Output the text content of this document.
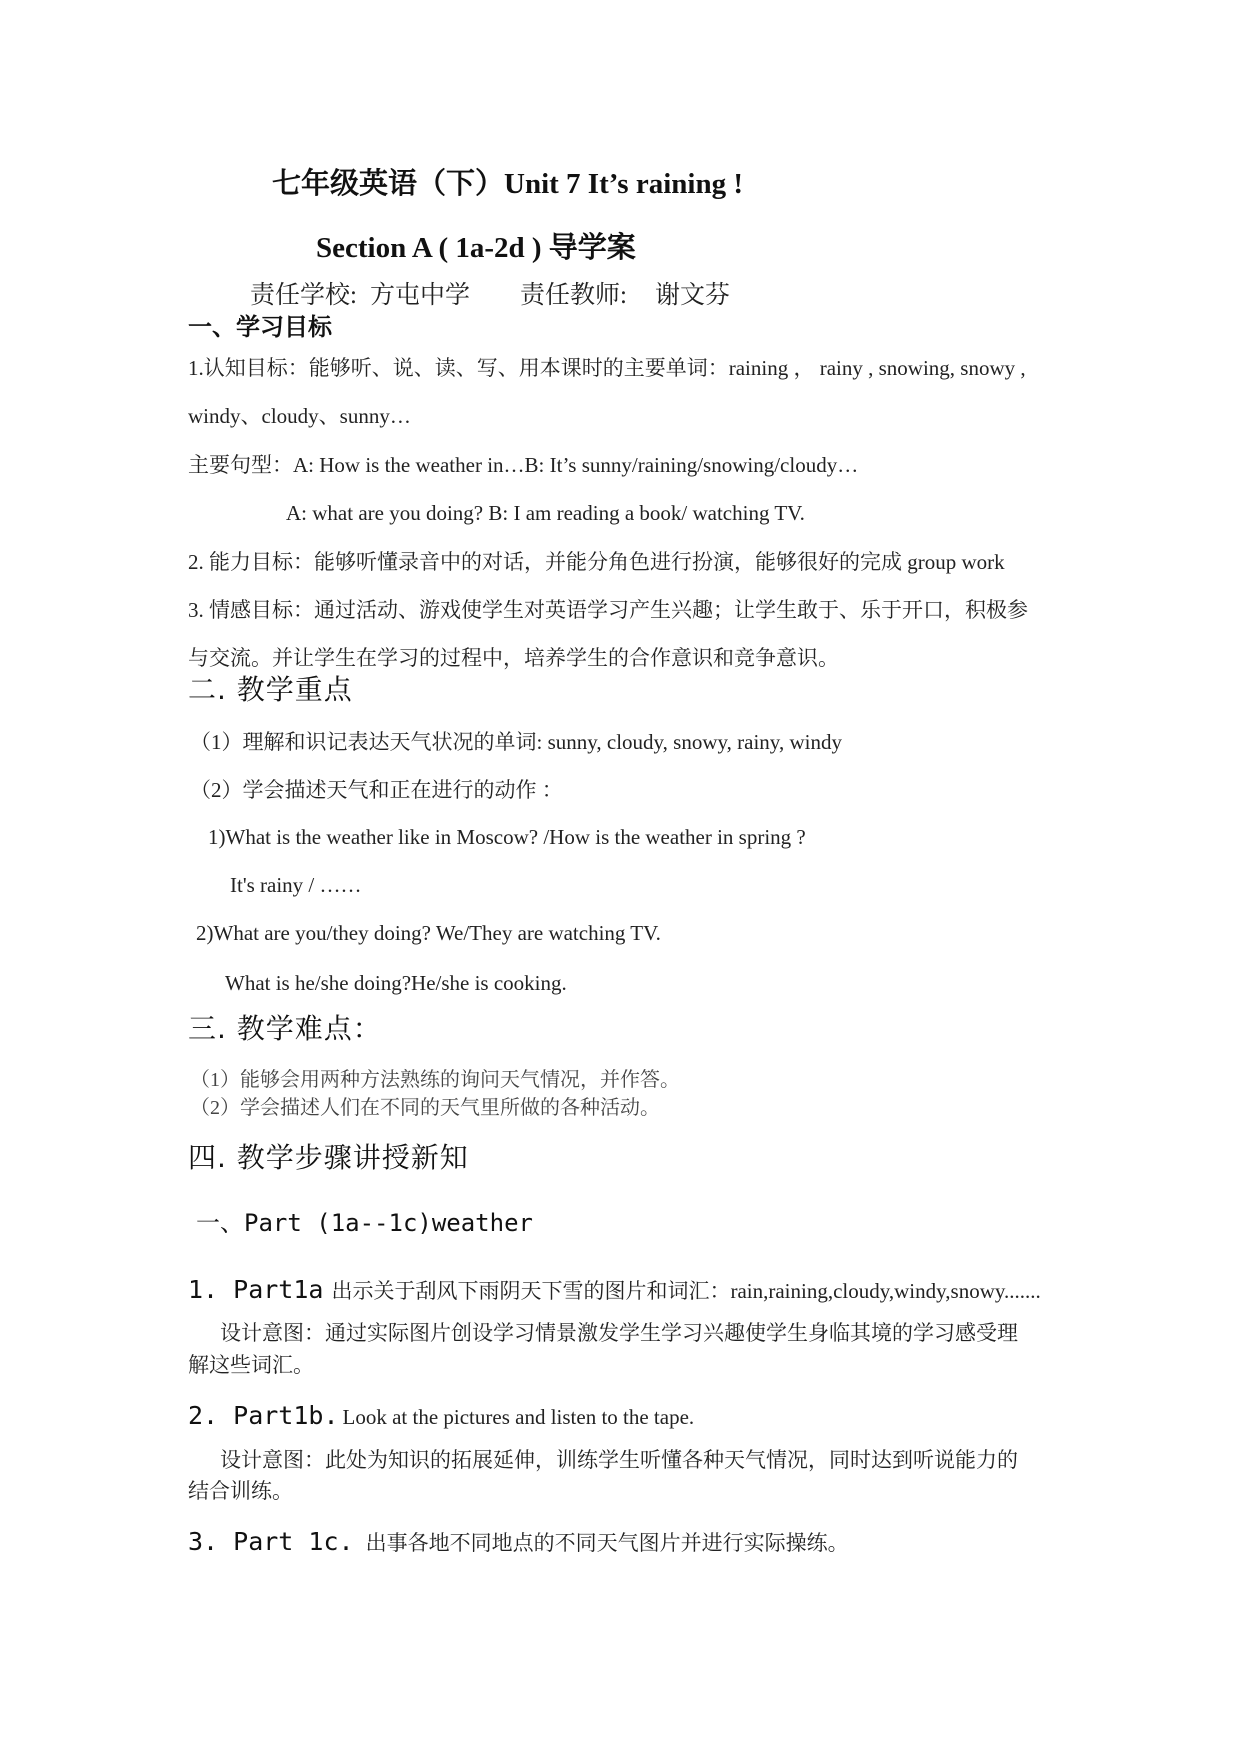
七年级英语（下）Unit 7 It’s raining !
Section A ( 1a-2d ) 导学案
责任学校: 方屯中学 责任教师: 谢文芬
一、学习目标
1.认知目标：能够听、说、读、写、用本课时的主要单词：raining ， rainy , snowing, snowy ,
windy、cloudy、sunny…
主要句型：A: How is the weather in…B: It’s sunny/raining/snowing/cloudy…
A: what are you doing? B: I am reading a book/ watching TV.
2. 能力目标：能够听懂录音中的对话，并能分角色进行扮演，能够很好的完成 group work
3. 情感目标：通过活动、游戏使学生对英语学习产生兴趣；让学生敢于、乐于开口，积极参
与交流。并让学生在学习的过程中，培养学生的合作意识和竞争意识。
二. 教学重点
（1）理解和识记表达天气状况的单词: sunny, cloudy, snowy, rainy, windy
（2）学会描述天气和正在进行的动作 ：
1)What is the weather like in Moscow? /How is the weather in spring ?
It's rainy / ……
2)What are you/they doing? We/They are watching TV.
What is he/she doing?He/she is cooking.
三. 教学难点：
（1）能够会用两种方法熟练的询问天气情况，并作答。
（2）学会描述人们在不同的天气里所做的各种活动。
四. 教学步骤讲授新知
一、Part (1a--1c)weather
1. Part1a 出示关于刮风下雨阴天下雪的图片和词汇：rain,raining,cloudy,windy,snowy.......
设计意图：通过实际图片创设学习情景激发学生学习兴趣使学生身临其境的学习感受理
解这些词汇。
2. Part1b. Look at the pictures and listen to the tape.
设计意图：此处为知识的拓展延伸，训练学生听懂各种天气情况，同时达到听说能力的
结合训练。
3. Part 1c. 出事各地不同地点的不同天气图片并进行实际操练。
